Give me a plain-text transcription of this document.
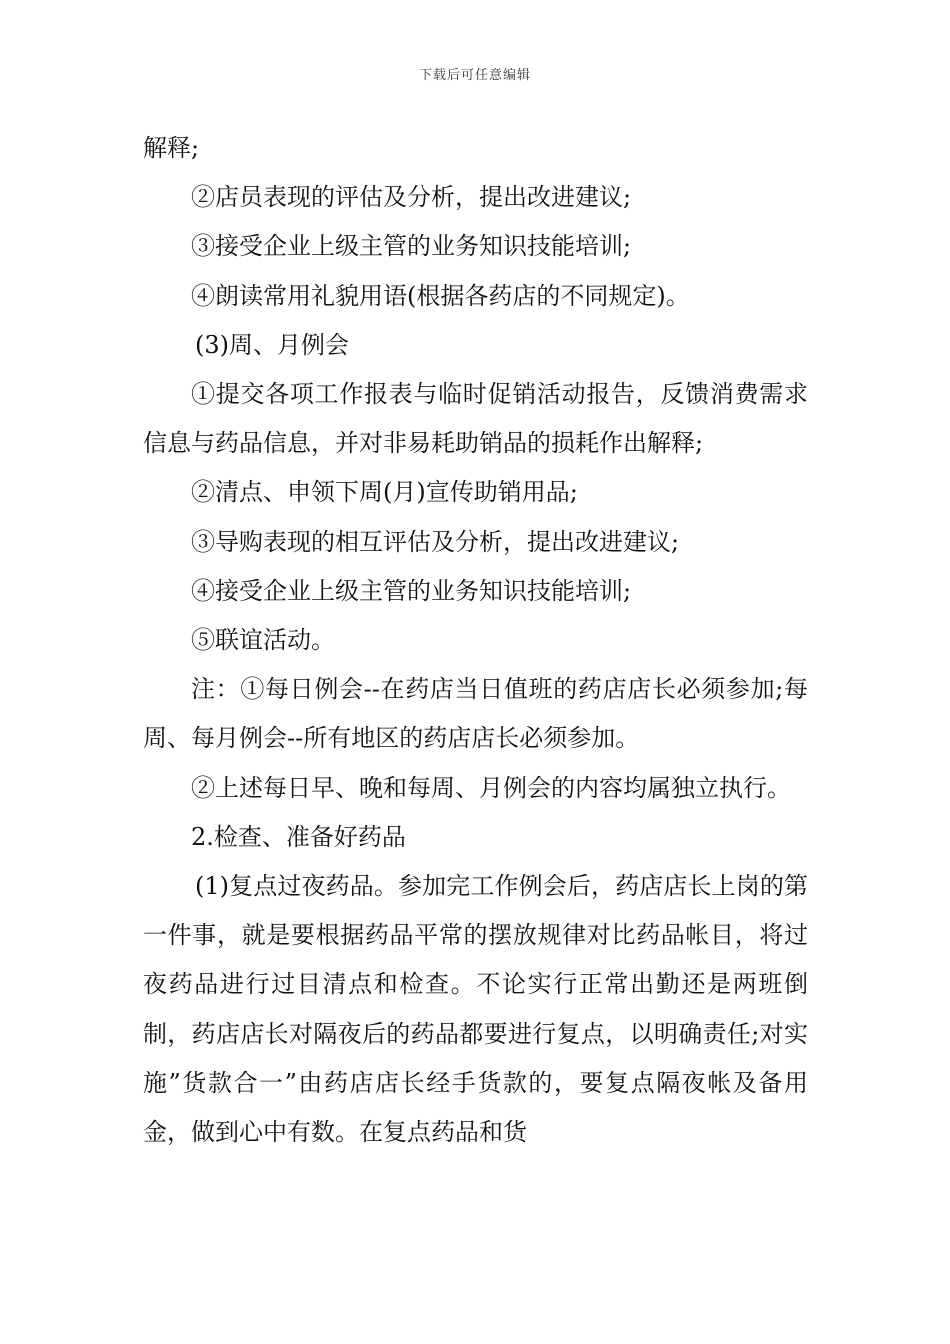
下载后可任意编辑

解释;

②店员表现的评估及分析，提出改进建议;

③接受企业上级主管的业务知识技能培训;

④朗读常用礼貌用语(根据各药店的不同规定)。

(3)周、月例会

①提交各项工作报表与临时促销活动报告，反馈消费需求信息与药品信息，并对非易耗助销品的损耗作出解释;

②清点、申领下周(月)宣传助销用品;

③导购表现的相互评估及分析，提出改进建议;

④接受企业上级主管的业务知识技能培训;

⑤联谊活动。

注：①每日例会--在药店当日值班的药店店长必须参加;每周、每月例会--所有地区的药店店长必须参加。

②上述每日早、晚和每周、月例会的内容均属独立执行。

2.检查、准备好药品

(1)复点过夜药品。参加完工作例会后，药店店长上岗的第一件事，就是要根据药品平常的摆放规律对比药品帐目，将过夜药品进行过目清点和检查。不论实行正常出勤还是两班倒制，药店店长对隔夜后的药品都要进行复点，以明确责任;对实施”货款合一”由药店店长经手货款的，要复点隔夜帐及备用金，做到心中有数。在复点药品和货
